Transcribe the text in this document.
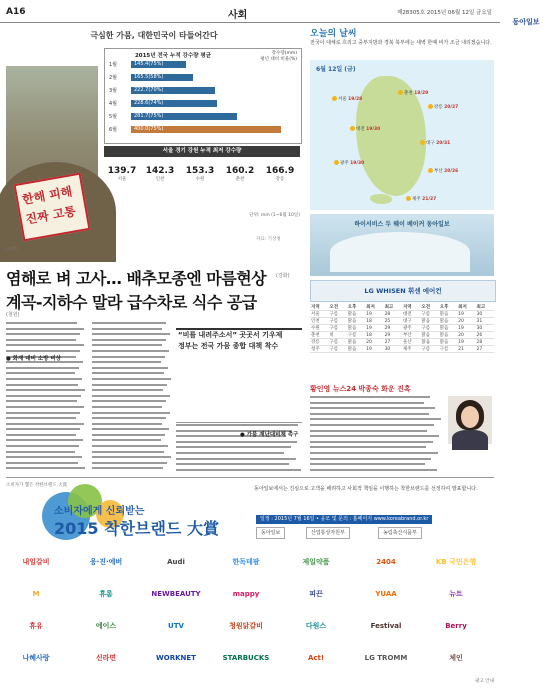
A16	사회	제28305호 2015년 06월 12일 금요일
동아일보
극심한 가뭄, 대한민국이 타들어간다
한해 피해
진짜 고통
2015년 전국 누적 강수량 평균	강수량(mm)
평년 대비 비율(%)
1월	145.4(75%)
2월	165.5(58%)
3월	222.7(70%)
4월	228.6(74%)
5월	281.7(75%)
6월	400.0(75%)
서울 경기 강원 누적 최저 강수량
139.7
서울
142.3
인천
153.3
수원
160.2
춘천
166.9
강릉
단위: mm (1~6월 10일)
(사진)
자료: 기상청
염해로 벼 고사… 배추모종엔 마름현상 (강화)
계곡-지하수 말라 급수차로 식수 공급
(철원)
● 화재 대비 소방 비상
● 가뭄 재난대비책 촉구
“비를 내려주소서” 곳곳서 기우제
정부는 전국 가뭄 종합 대책 착수
오늘의 날씨
전국이 대체로 흐리고 중부지방과 경북 북부에는 새벽 한때 비가 조금 내리겠습니다.
6월 12일 (금)
서울 19/28
춘천 18/29
강릉 20/27
대전 19/30
대구 20/31
광주 19/30
부산 20/26
제주 21/27
하이서비스 두 웨이 베이커 동아일보
LG WHISEN 휘센 에어컨
지역	오전	오후	최저	최고	지역	오전	오후	최저	최고
서울	구름	맑음	19	28	대전	구름	맑음	19	30
인천	구름	맑음	18	25	대구	맑음	맑음	20	31
수원	구름	맑음	19	29	광주	구름	맑음	19	30
춘천	비	구름	18	29	부산	맑음	맑음	20	26
강릉	구름	맑음	20	27	울산	맑음	맑음	19	28
청주	구름	맑음	19	30	제주	구름	구름	21	27
황인영 뉴스24 박종숙 화운 진혹
소비자가 뽑은 착한브랜드 大賞
소비자에게 신뢰받는
2015 착한브랜드 大賞
동아일보에서는 진심으로 고객을 배려하고 사회적 책임을 이행하는 착한브랜드를 선정하여 발표합니다.
일정 : 2015년 7월 16일 • 응모 및 문의 : 홈페이지 www.koreabrand.or.kr
동아일보	산업통상자원부	농림축산식품부
내일갈비	웅·진·에버	Audi	한독테팜	제일약품	2404	KB 국민은행
M	휴롬	NEWBEAUTY	mappy	피끈	YUAA	뉴트
휴유	에이스	UTV	청원닭갈비	다원스	Festival	Berry
나혜사랑	신라면	WORKNET	STARBUCKS	Act!	LG TROMM	체인
광고 안내
